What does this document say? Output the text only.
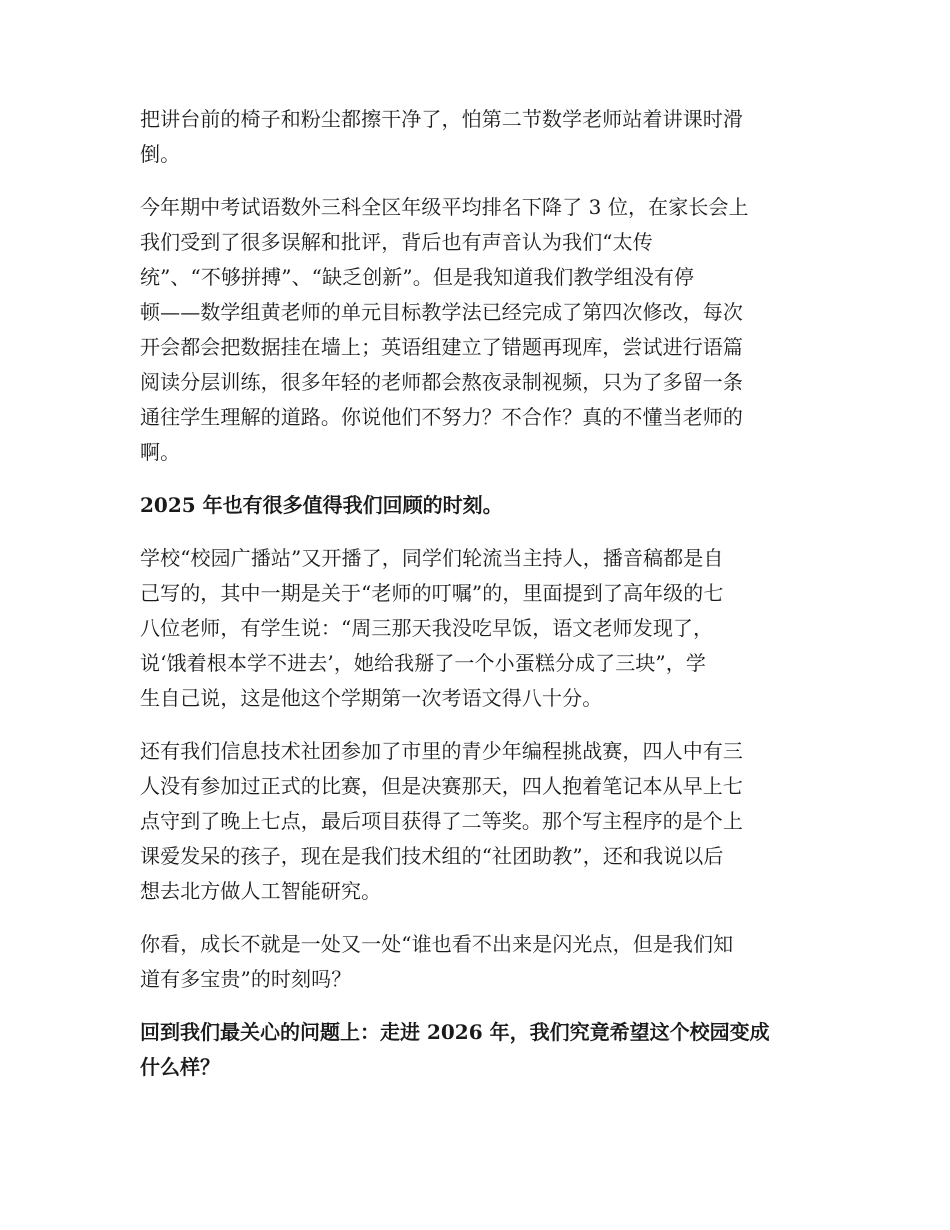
把讲台前的椅子和粉尘都擦干净了，怕第二节数学老师站着讲课时滑
倒。
今年期中考试语数外三科全区年级平均排名下降了 3 位，在家长会上
我们受到了很多误解和批评，背后也有声音认为我们“太传
统”、“不够拼搏”、“缺乏创新”。但是我知道我们教学组没有停
顿——数学组黄老师的单元目标教学法已经完成了第四次修改，每次
开会都会把数据挂在墙上；英语组建立了错题再现库，尝试进行语篇
阅读分层训练，很多年轻的老师都会熬夜录制视频，只为了多留一条
通往学生理解的道路。你说他们不努力？不合作？真的不懂当老师的
啊。
2025 年也有很多值得我们回顾的时刻。
学校“校园广播站”又开播了，同学们轮流当主持人，播音稿都是自
己写的，其中一期是关于“老师的叮嘱”的，里面提到了高年级的七
八位老师，有学生说：“周三那天我没吃早饭，语文老师发现了，
说‘饿着根本学不进去’，她给我掰了一个小蛋糕分成了三块”，学
生自己说，这是他这个学期第一次考语文得八十分。
还有我们信息技术社团参加了市里的青少年编程挑战赛，四人中有三
人没有参加过正式的比赛，但是决赛那天，四人抱着笔记本从早上七
点守到了晚上七点，最后项目获得了二等奖。那个写主程序的是个上
课爱发呆的孩子，现在是我们技术组的“社团助教”，还和我说以后
想去北方做人工智能研究。
你看，成长不就是一处又一处“谁也看不出来是闪光点，但是我们知
道有多宝贵”的时刻吗？
回到我们最关心的问题上：走进 2026 年，我们究竟希望这个校园变成
什么样？
